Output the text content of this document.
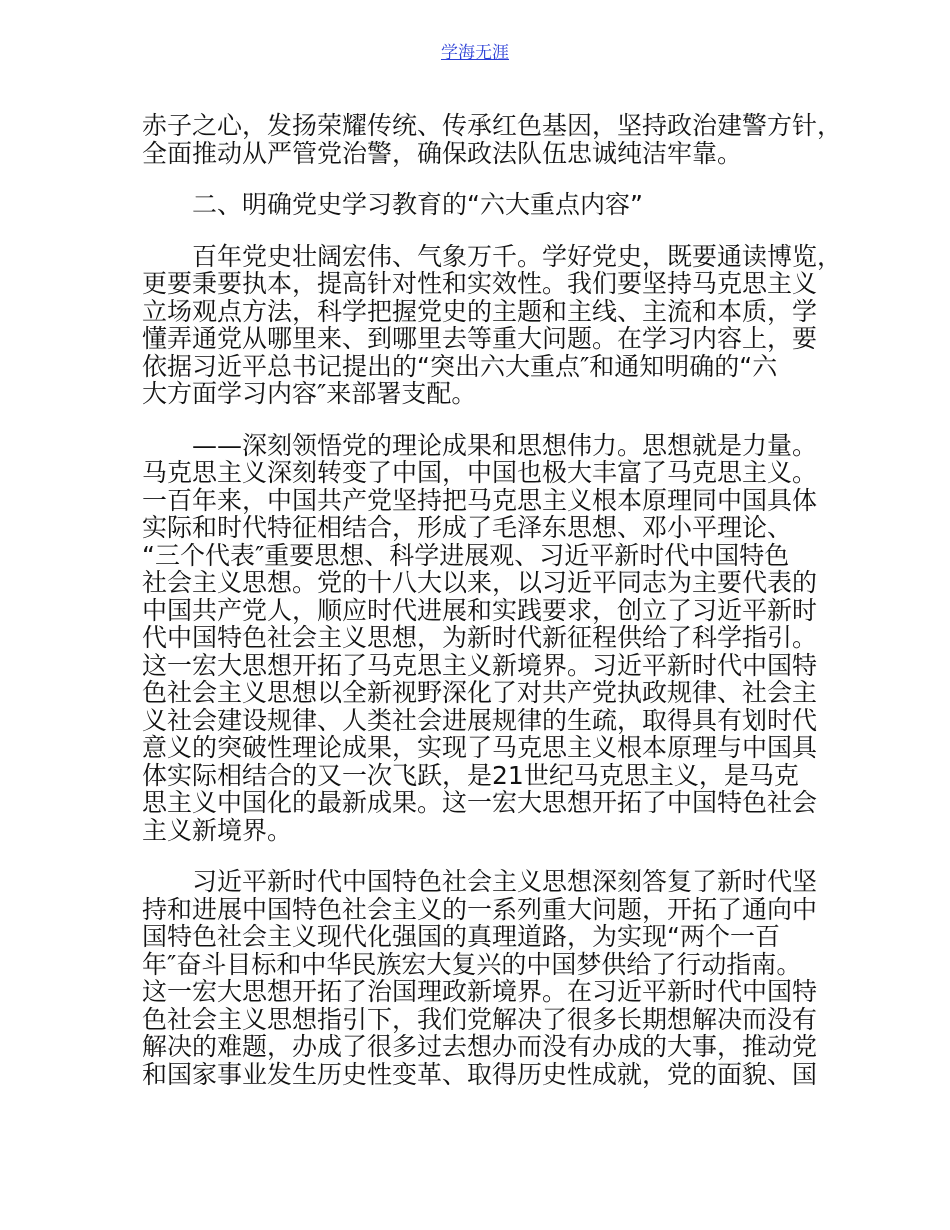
学海无涯
赤子之心，发扬荣耀传统、传承红色基因，坚持政治建警方针，
全面推动从严管党治警，确保政法队伍忠诚纯洁牢靠。
二、明确党史学习教育的“六大重点内容”
百年党史壮阔宏伟、气象万千。学好党史，既要通读博览，
更要秉要执本，提高针对性和实效性。我们要坚持马克思主义
立场观点方法，科学把握党史的主题和主线、主流和本质，学
懂弄通党从哪里来、到哪里去等重大问题。在学习内容上，要
依据习近平总书记提出的“突出六大重点″和通知明确的“六
大方面学习内容″来部署支配。
——深刻领悟党的理论成果和思想伟力。思想就是力量。
马克思主义深刻转变了中国，中国也极大丰富了马克思主义。
一百年来，中国共产党坚持把马克思主义根本原理同中国具体
实际和时代特征相结合，形成了毛泽东思想、邓小平理论、
“三个代表″重要思想、科学进展观、习近平新时代中国特色
社会主义思想。党的十八大以来，以习近平同志为主要代表的
中国共产党人，顺应时代进展和实践要求，创立了习近平新时
代中国特色社会主义思想，为新时代新征程供给了科学指引。
这一宏大思想开拓了马克思主义新境界。习近平新时代中国特
色社会主义思想以全新视野深化了对共产党执政规律、社会主
义社会建设规律、人类社会进展规律的生疏，取得具有划时代
意义的突破性理论成果，实现了马克思主义根本原理与中国具
体实际相结合的又一次飞跃，是21世纪马克思主义，是马克
思主义中国化的最新成果。这一宏大思想开拓了中国特色社会
主义新境界。
习近平新时代中国特色社会主义思想深刻答复了新时代坚
持和进展中国特色社会主义的一系列重大问题，开拓了通向中
国特色社会主义现代化强国的真理道路，为实现“两个一百
年″奋斗目标和中华民族宏大复兴的中国梦供给了行动指南。
这一宏大思想开拓了治国理政新境界。在习近平新时代中国特
色社会主义思想指引下，我们党解决了很多长期想解决而没有
解决的难题，办成了很多过去想办而没有办成的大事，推动党
和国家事业发生历史性变革、取得历史性成就，党的面貌、国
